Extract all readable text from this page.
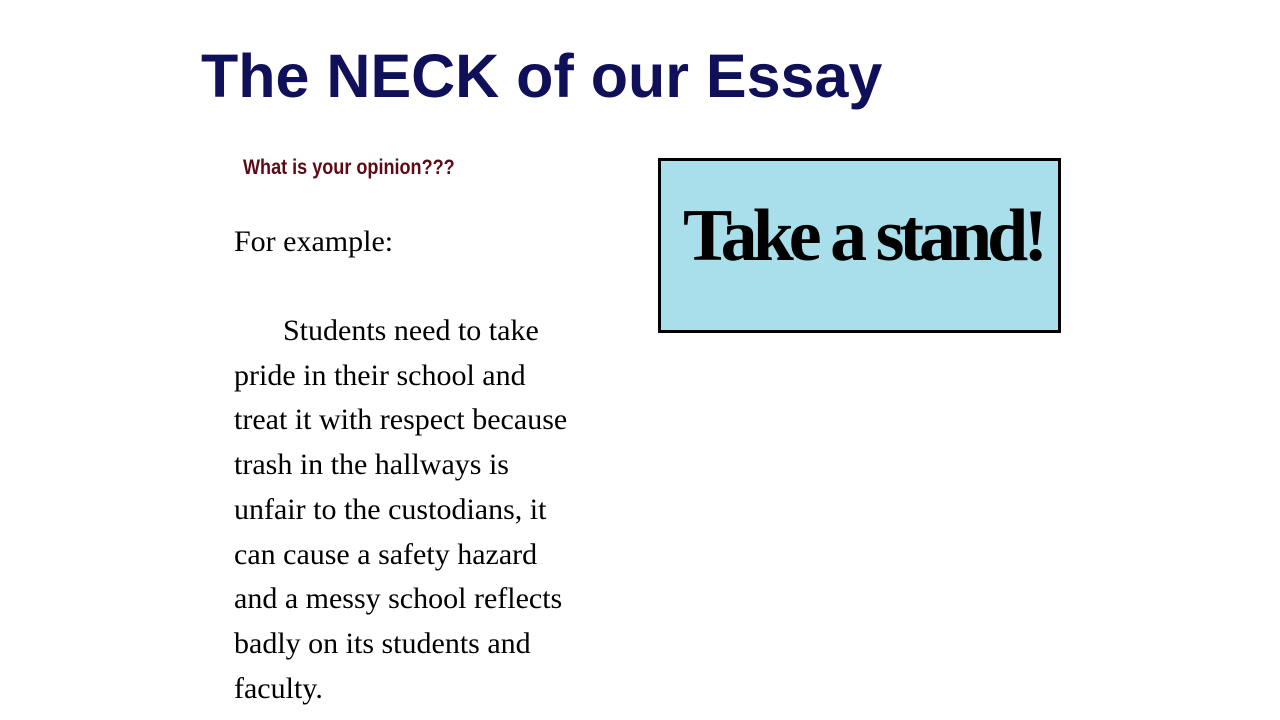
The NECK of our Essay
What is your opinion???
For example:

Students need to take
pride in their school and
treat it with respect because
trash in the hallways is
unfair to the custodians, it
can cause a safety hazard
and a messy school reflects
badly on its students and
faculty.

Take a stand!
